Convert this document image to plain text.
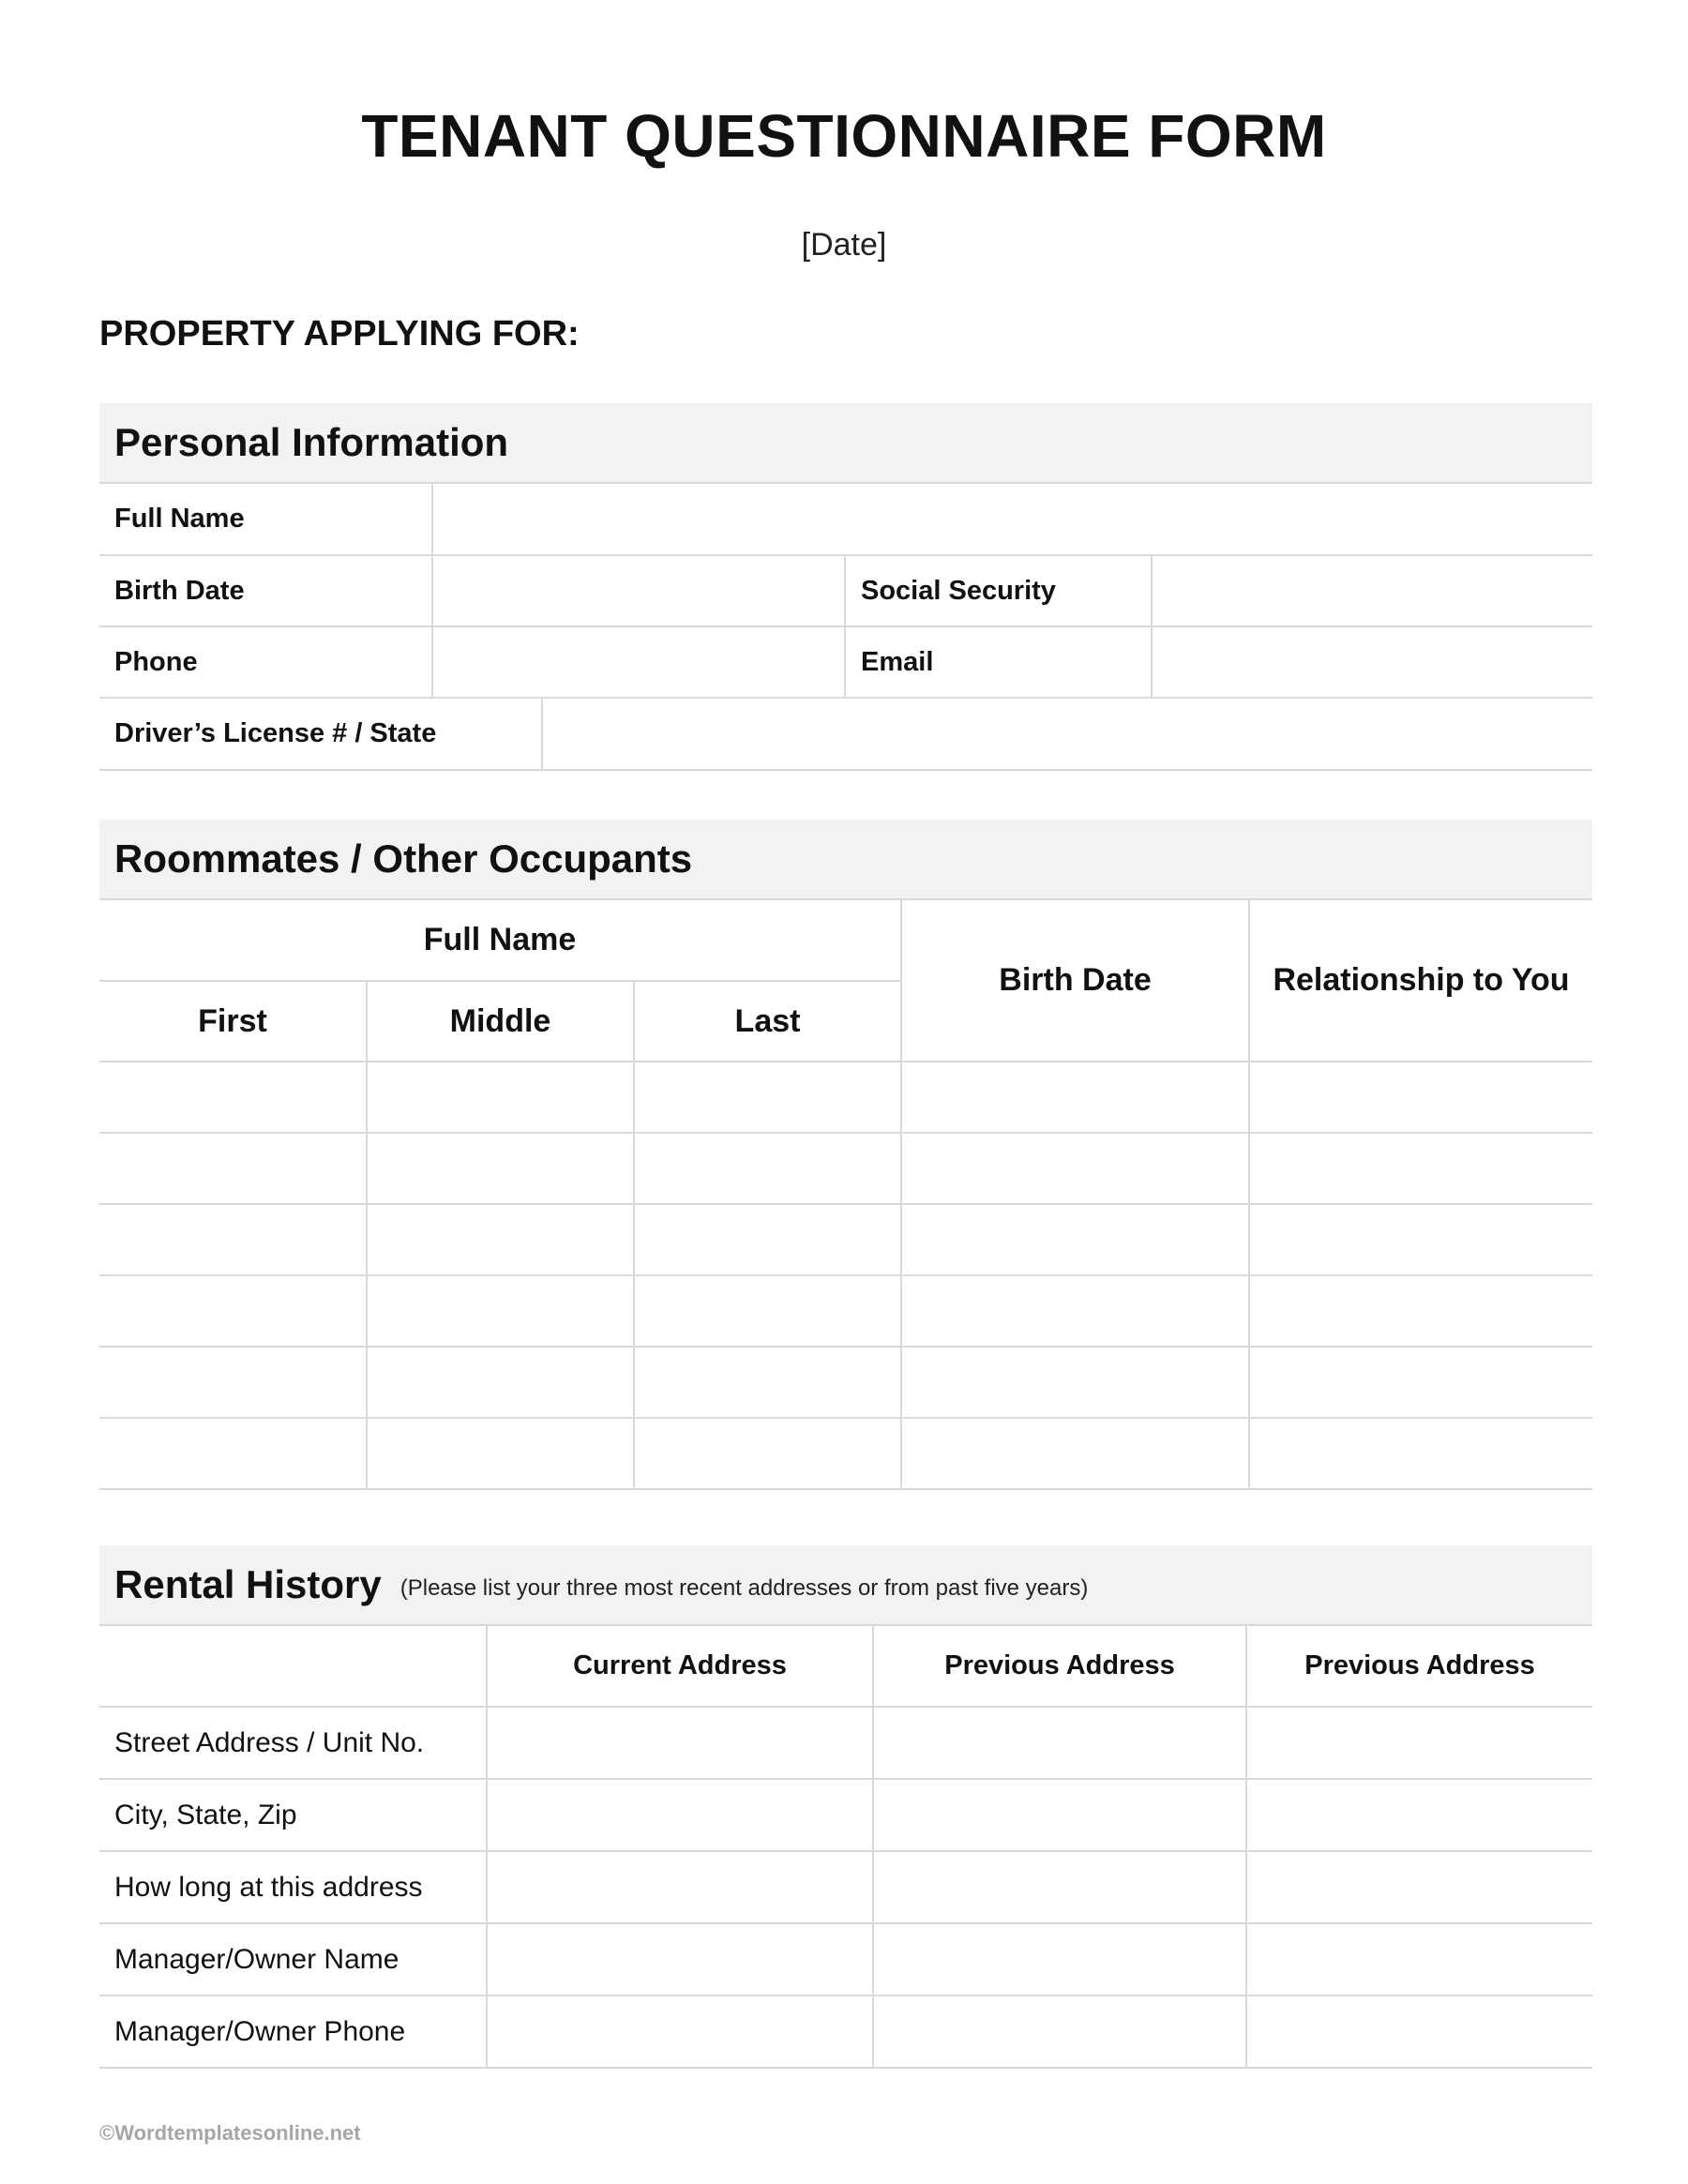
TENANT QUESTIONNAIRE FORM
[Date]
PROPERTY APPLYING FOR:
Personal Information
Full Name			
Birth Date		Social Security	
Phone		Email	
Driver’s License # / State	
Roommates / Other Occupants
Full Name			Birth Date	Relationship to You
First	Middle	Last		

Rental History (Please list your three most recent addresses or from past five years)
	Current Address	Previous Address	Previous Address
Street Address / Unit No.			
City, State, Zip			
How long at this address			
Manager/Owner Name			
Manager/Owner Phone			
©Wordtemplatesonline.net
